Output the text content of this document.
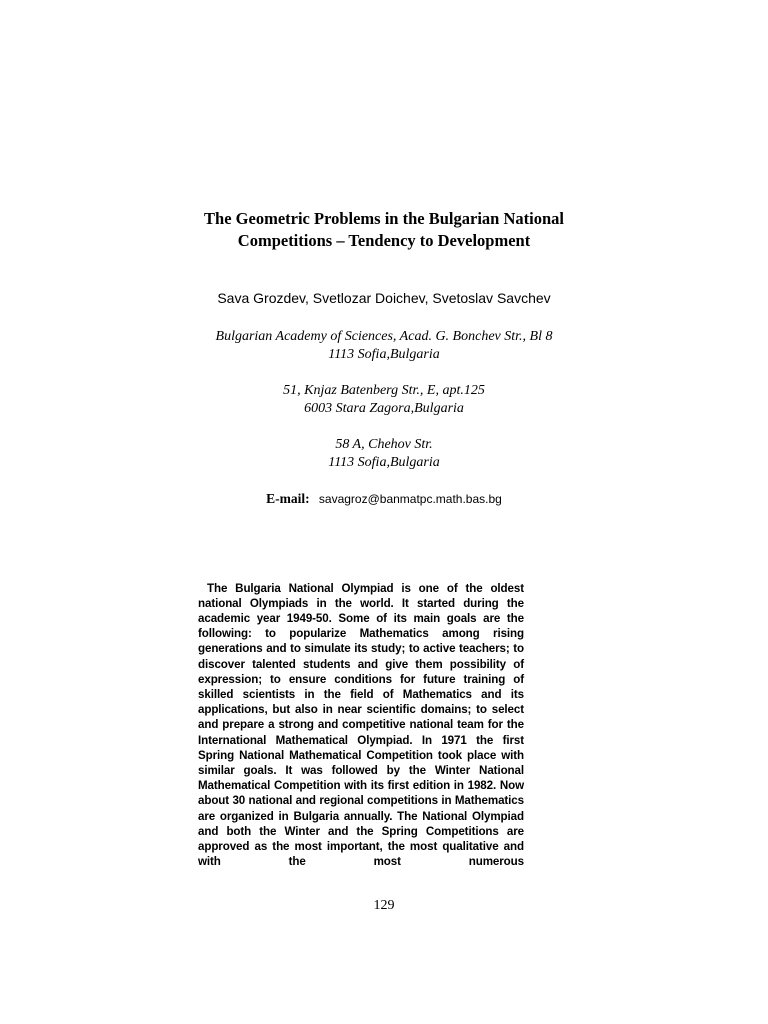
The Geometric Problems in the Bulgarian National
Competitions – Tendency to Development
Sava Grozdev, Svetlozar Doichev, Svetoslav Savchev
Bulgarian Academy of Sciences, Acad. G. Bonchev Str., Bl 8
1113 Sofia,Bulgaria
51, Knjaz Batenberg Str., E, apt.125
6003 Stara Zagora,Bulgaria
58 A, Chehov Str.
1113 Sofia,Bulgaria
E-mail: savagroz@banmatpc.math.bas.bg

The Bulgaria National Olympiad is one of the oldest national Olympiads in the world. It started during the academic year 1949-50. Some of its main goals are the following: to popularize Mathematics among rising generations and to simulate its study; to active teachers; to discover talented students and give them possibility of expression; to ensure conditions for future training of skilled scientists in the field of Mathematics and its applications, but also in near scientific domains; to select and prepare a strong and competitive national team for the International Mathematical Olympiad. In 1971 the first Spring National Mathematical Competition took place with similar goals. It was followed by the Winter National Mathematical Competition with its first edition in 1982. Now about 30 national and regional competitions in Mathematics are organized in Bulgaria annually. The National Olympiad and both the Winter and the Spring Competitions are approved as the most important, the most qualitative and with the most numerous

129
